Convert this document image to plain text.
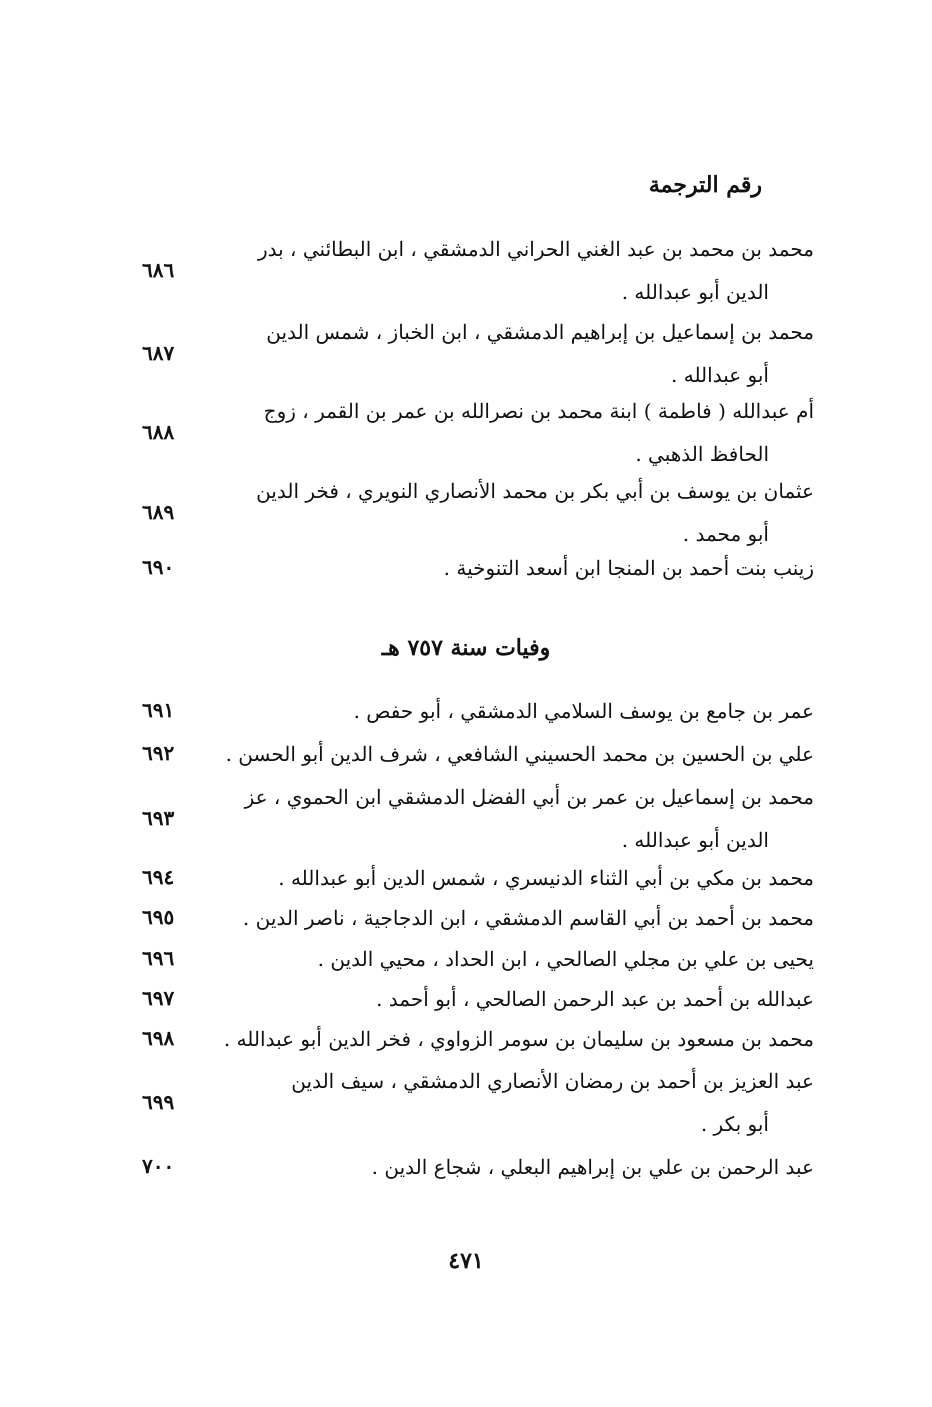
رقم الترجمة
محمد بن محمد بن عبد الغني الحراني الدمشقي ، ابن البطائني ، بدر
الدين أبو عبدالله .
٦٨٦
محمد بن إسماعيل بن إبراهيم الدمشقي ، ابن الخباز ، شمس الدين
أبو عبدالله .
٦٨٧
أم عبدالله ( فاطمة ) ابنة محمد بن نصرالله بن عمر بن القمر ، زوج
الحافظ الذهبي .
٦٨٨
عثمان بن يوسف بن أبي بكر بن محمد الأنصاري النويري ، فخر الدين
أبو محمد .
٦٨٩
زينب بنت أحمد بن المنجا ابن أسعد التنوخية .
٦٩٠
وفيات سنة ٧٥٧ هـ
عمر بن جامع بن يوسف السلامي الدمشقي ، أبو حفص .
٦٩١
علي بن الحسين بن محمد الحسيني الشافعي ، شرف الدين أبو الحسن .
٦٩٢
محمد بن إسماعيل بن عمر بن أبي الفضل الدمشقي ابن الحموي ، عز
الدين أبو عبدالله .
٦٩٣
محمد بن مكي بن أبي الثناء الدنيسري ، شمس الدين أبو عبدالله .
٦٩٤
محمد بن أحمد بن أبي القاسم الدمشقي ، ابن الدجاجية ، ناصر الدين .
٦٩٥
يحيى بن علي بن مجلي الصالحي ، ابن الحداد ، محيي الدين .
٦٩٦
عبدالله بن أحمد بن عبد الرحمن الصالحي ، أبو أحمد .
٦٩٧
محمد بن مسعود بن سليمان بن سومر الزواوي ، فخر الدين أبو عبدالله .
٦٩٨
عبد العزيز بن أحمد بن رمضان الأنصاري الدمشقي ، سيف الدين
أبو بكر .
٦٩٩
عبد الرحمن بن علي بن إبراهيم البعلي ، شجاع الدين .
٧٠٠
٤٧١
